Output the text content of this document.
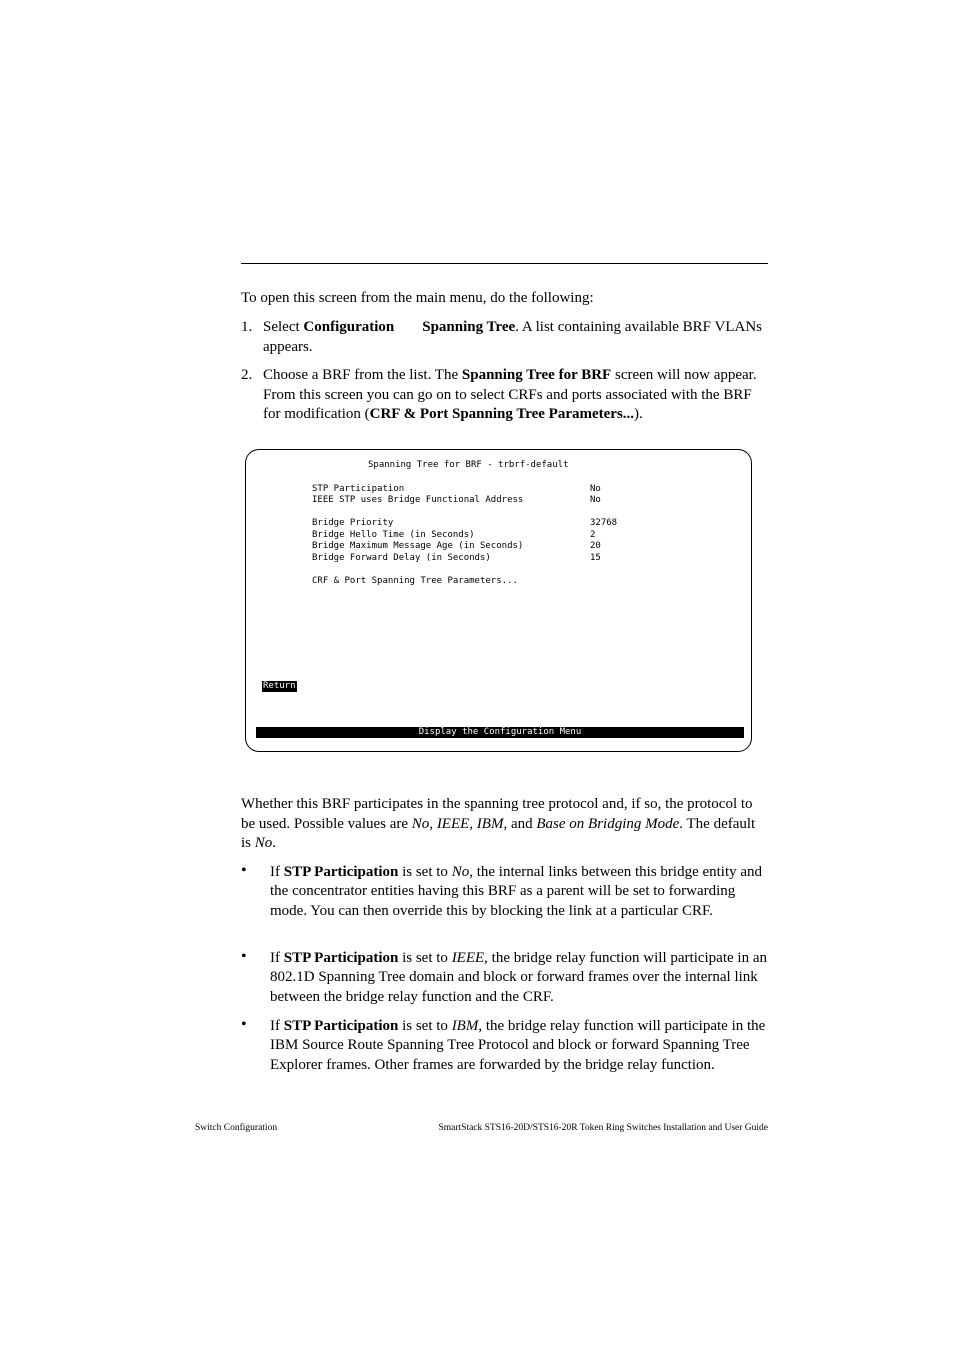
To open this screen from the main menu, do the following:
1. Select Configuration Spanning Tree. A list containing available BRF VLANs appears.
2. Choose a BRF from the list. The Spanning Tree for BRF screen will now appear. From this screen you can go on to select CRFs and ports associated with the BRF for modification (CRF & Port Spanning Tree Parameters...).
Spanning Tree for BRF - trbrf-default
STP Participation	No
IEEE STP uses Bridge Functional Address	No
Bridge Priority	32768
Bridge Hello Time (in Seconds)	2
Bridge Maximum Message Age (in Seconds)	20
Bridge Forward Delay (in Seconds)	15
CRF & Port Spanning Tree Parameters...
Return
Display the Configuration Menu
Whether this BRF participates in the spanning tree protocol and, if so, the protocol to be used. Possible values are No, IEEE, IBM, and Base on Bridging Mode. The default is No.
• If STP Participation is set to No, the internal links between this bridge entity and the concentrator entities having this BRF as a parent will be set to forwarding mode. You can then override this by blocking the link at a particular CRF.
• If STP Participation is set to IEEE, the bridge relay function will participate in an 802.1D Spanning Tree domain and block or forward frames over the internal link between the bridge relay function and the CRF.
• If STP Participation is set to IBM, the bridge relay function will participate in the IBM Source Route Spanning Tree Protocol and block or forward Spanning Tree Explorer frames. Other frames are forwarded by the bridge relay function.
Switch Configuration	SmartStack STS16-20D/STS16-20R Token Ring Switches Installation and User Guide
